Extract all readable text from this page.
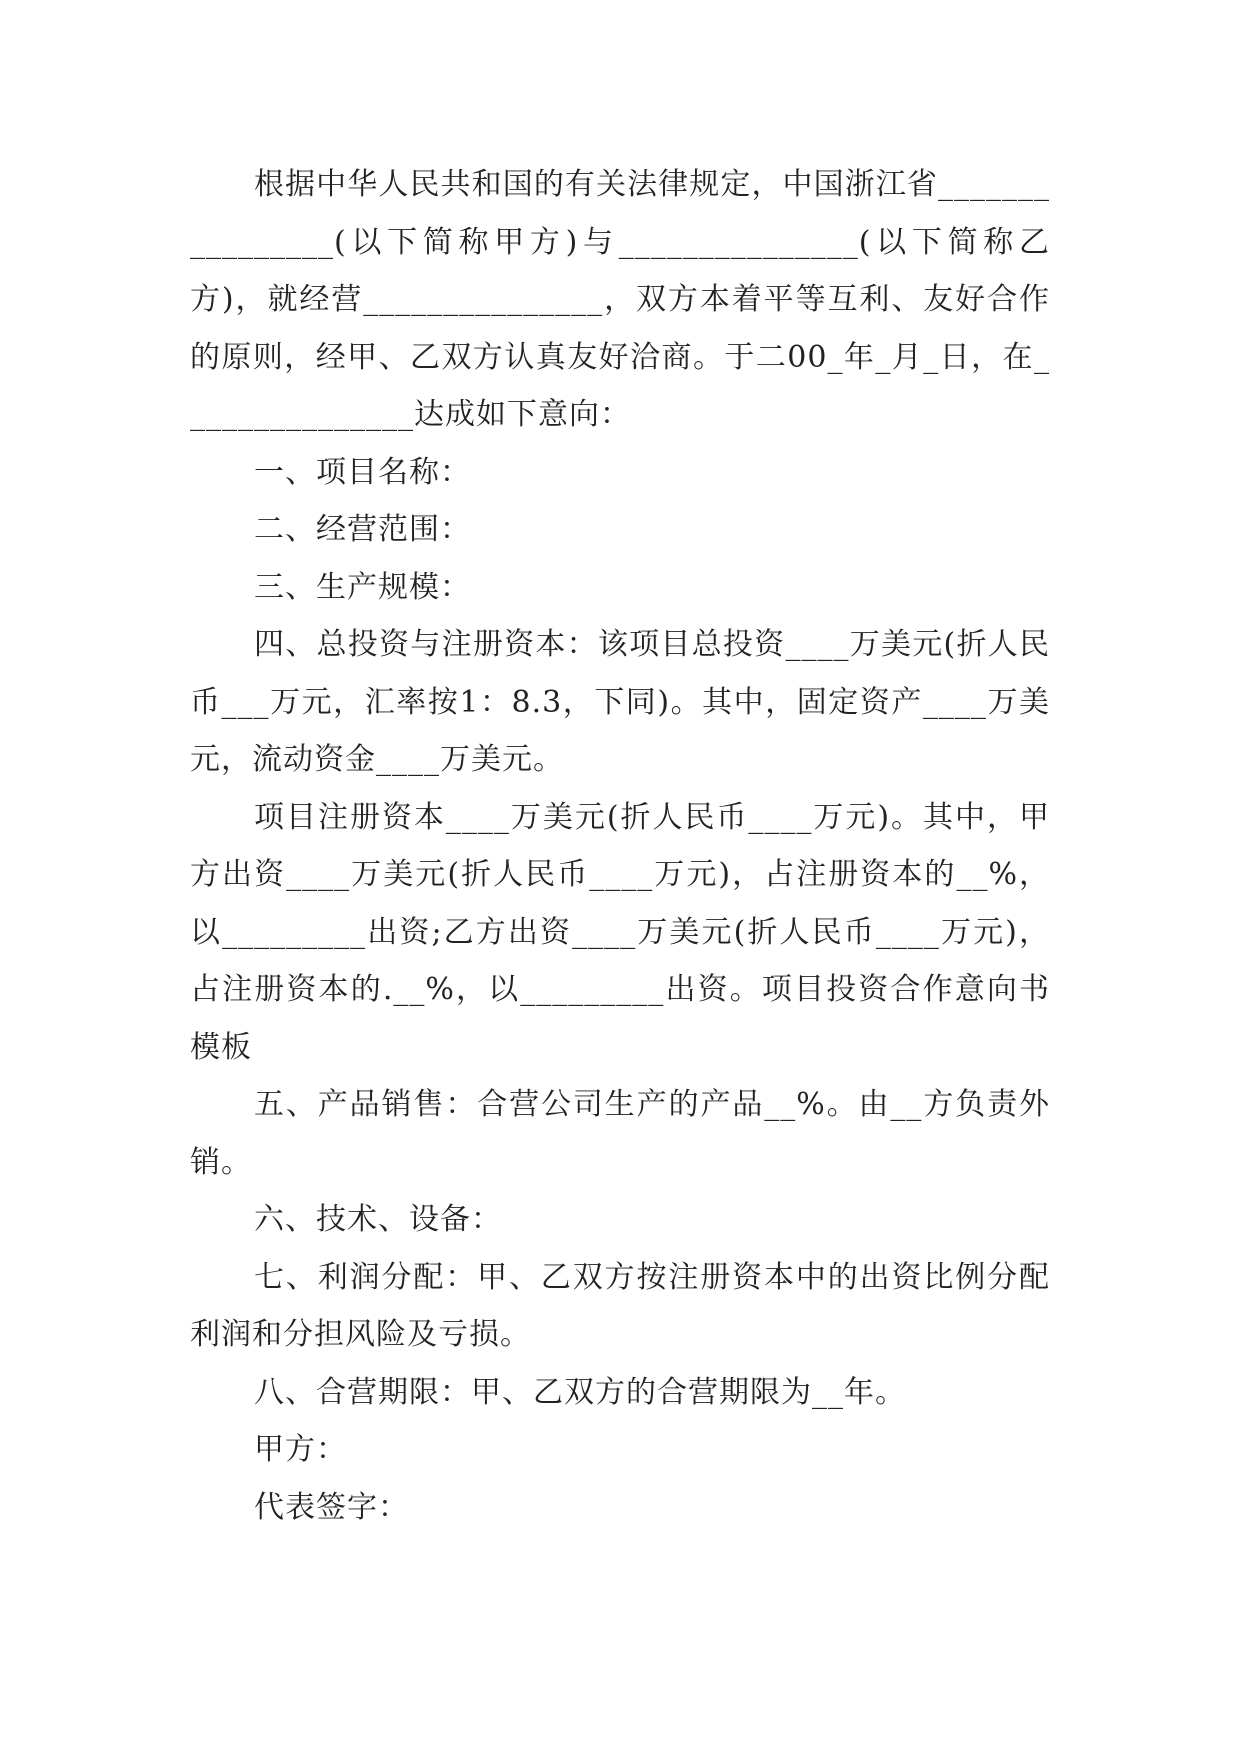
根据中华人民共和国的有关法律规定，中国浙江省________________(以下简称甲方)与_______________(以下简称乙方)，就经营_______________，双方本着平等互利、友好合作的原则，经甲、乙双方认真友好洽商。于二00_年_月_日，在_______________达成如下意向：

一、项目名称：

二、经营范围：

三、生产规模：

四、总投资与注册资本：该项目总投资____万美元(折人民币___万元，汇率按1：8.3，下同)。其中，固定资产____万美元，流动资金____万美元。

项目注册资本____万美元(折人民币____万元)。其中，甲方出资____万美元(折人民币____万元)，占注册资本的__%，以_________出资;乙方出资____万美元(折人民币____万元)，占注册资本的.__%，以_________出资。项目投资合作意向书模板

五、产品销售：合营公司生产的产品__%。由__方负责外销。

六、技术、设备：

七、利润分配：甲、乙双方按注册资本中的出资比例分配利润和分担风险及亏损。

八、合营期限：甲、乙双方的合营期限为__年。

甲方：

代表签字：
